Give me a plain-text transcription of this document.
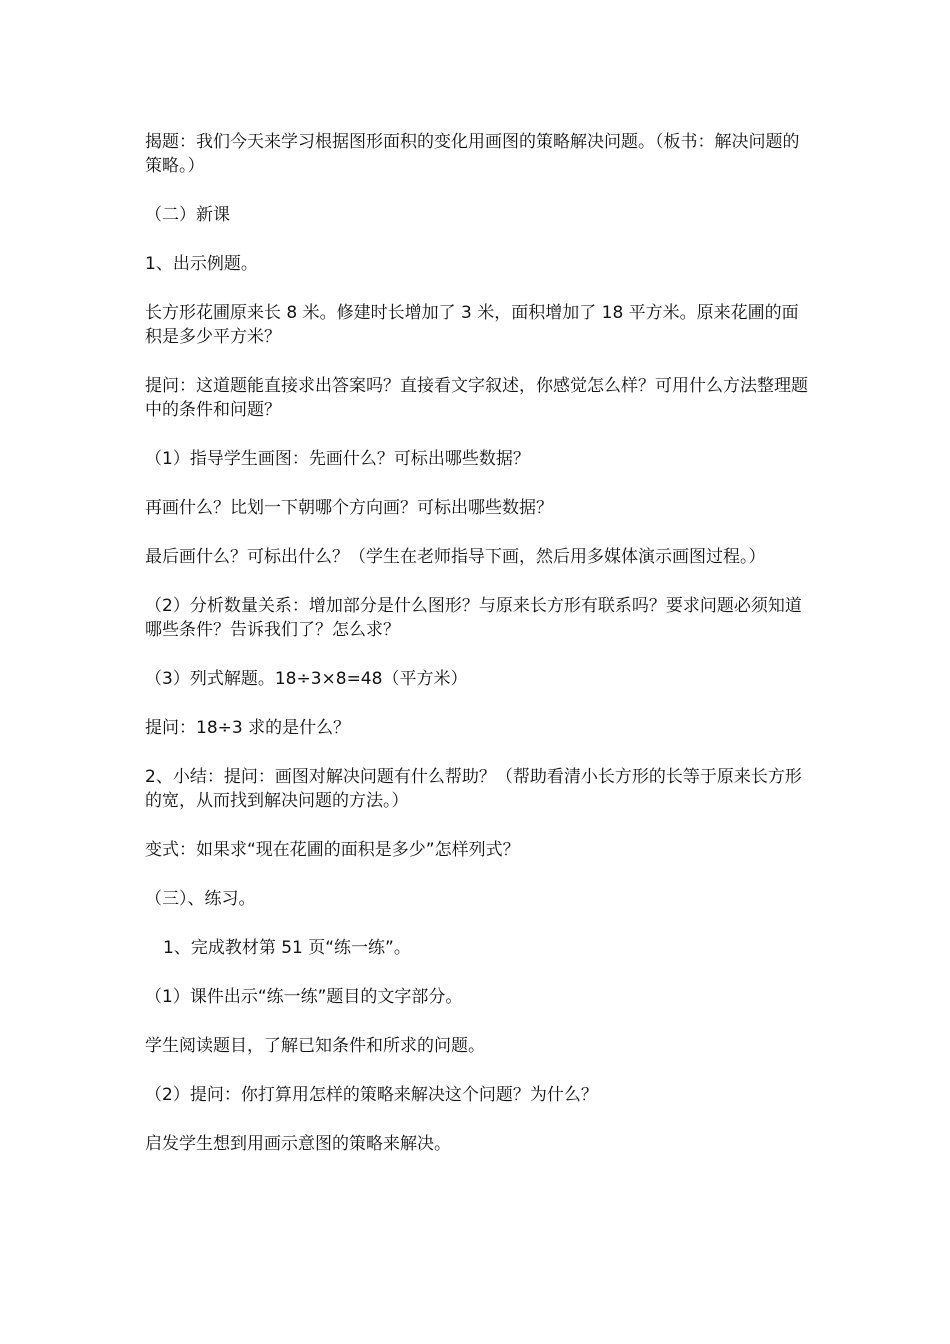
揭题：我们今天来学习根据图形面积的变化用画图的策略解决问题。（板书：解决问题的策略。）

（二）新课

1、出示例题。

长方形花圃原来长 8 米。修建时长增加了 3 米，面积增加了 18 平方米。原来花圃的面积是多少平方米？

提问：这道题能直接求出答案吗？直接看文字叙述，你感觉怎么样？可用什么方法整理题中的条件和问题？

（1）指导学生画图：先画什么？可标出哪些数据？

再画什么？比划一下朝哪个方向画？可标出哪些数据？

最后画什么？可标出什么？（学生在老师指导下画，然后用多媒体演示画图过程。）

（2）分析数量关系：增加部分是什么图形？与原来长方形有联系吗？要求问题必须知道哪些条件？告诉我们了？怎么求？

（3）列式解题。18÷3×8=48（平方米）

提问：18÷3 求的是什么？

2、小结：提问：画图对解决问题有什么帮助？（帮助看清小长方形的长等于原来长方形的宽，从而找到解决问题的方法。）

变式：如果求“现在花圃的面积是多少”怎样列式？

（三）、练习。

1、完成教材第 51 页“练一练”。

（1）课件出示“练一练”题目的文字部分。

学生阅读题目，了解已知条件和所求的问题。

（2）提问：你打算用怎样的策略来解决这个问题？为什么？

启发学生想到用画示意图的策略来解决。
